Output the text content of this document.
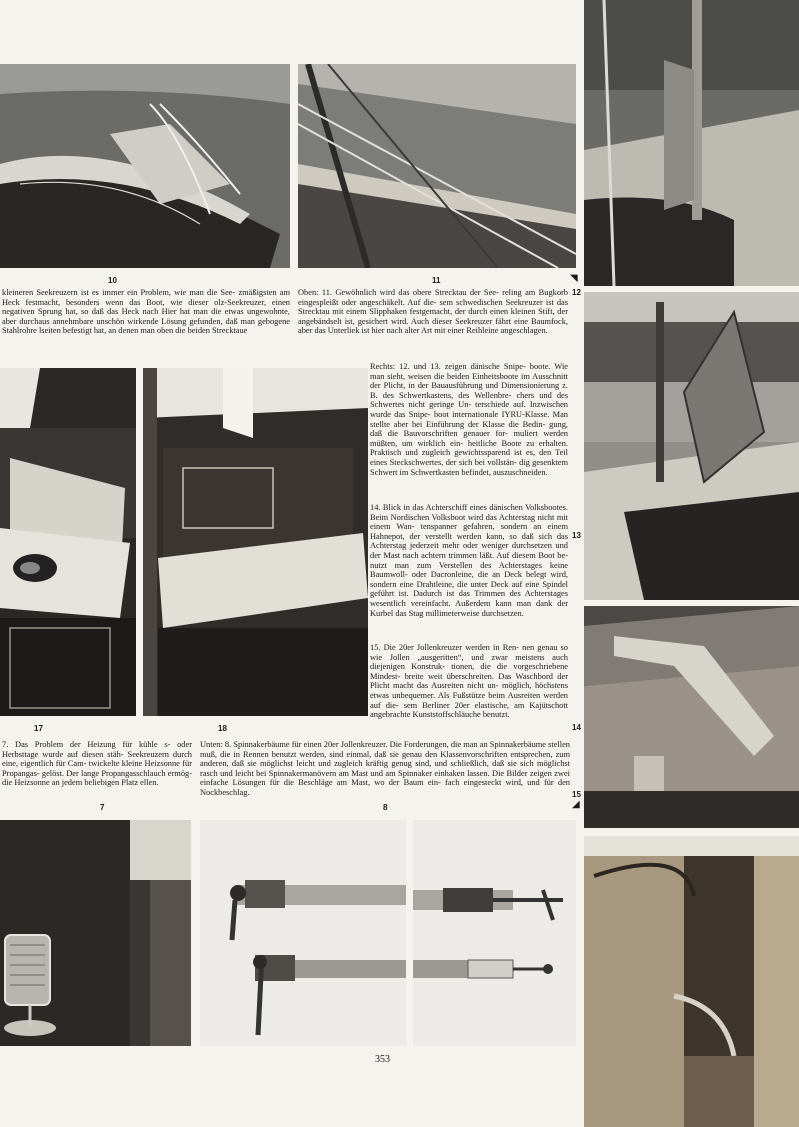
10	11	◥
12
13
14
15
◢
17	18
7	8
kleineren Seekreuzern ist es immer ein Problem, wie man die See- zmäßigsten am Heck festmacht, besonders wenn das Boot, wie dieser olz-Seekreuzer, einen negativen Sprung hat, so daß das Heck nach Hier hat man die etwas ungewohnte, aber durchaus annehmbare unschön wirkende Lösung gefunden, daß man gebogene Stahlrohre lseiten befestigt hat, an denen man oben die beiden Strecktaue
Oben: 11. Gewöhnlich wird das obere Strecktau der See- reling am Bugkorb eingespleißt oder angeschäkelt. Auf die- sem schwedischen Seekreuzer ist das Strecktau mit einem Slipphaken festgemacht, der durch einen kleinen Stift, der angebändselt ist, gesichert wird. Auch dieser Seekreuzer fährt eine Baumfock, aber das Unterliek ist hier nach alter Art mit einer Reihleine angeschlagen.
Rechts: 12. und 13. zeigen dänische Snipe- boote. Wie man sieht, weisen die beiden Einheitsboote im Ausschnitt der Plicht, in der Bauausführung und Dimensionierung z. B. des Schwertkastens, des Wellenbre- chers und des Schwertes nicht geringe Un- terschiede auf. Inzwischen wurde das Snipe- boot internationale IYRU-Klasse. Man stellte aber bei Einführung der Klasse die Bedin- gung, daß die Bauvorschriften genauer for- muliert werden müßten, um wirklich ein- heitliche Boote zu erhalten. Praktisch und zugleich gewichtssparend ist es, den Teil eines Steckschwertes, der sich bei vollstän- dig gesenktem Schwert im Schwertkasten befindet, auszuschneiden.
14. Blick in das Achterschiff eines dänischen Volksbootes. Beim Nordischen Volksboot wird das Achterstag nicht mit einem Wan- tenspanner gefahren, sondern an einem Hahnepot, der verstellt werden kann, so daß sich das Achterstag jederzeit mehr oder weniger durchsetzen und der Mast nach achtern trimmen läßt. Auf diesem Boot be- nutzt man zum Verstellen des Achterstages keine Baumwoll- oder Dacronleine, die an Deck belegt wird, sondern eine Drahtleine, die unter Deck auf eine Spindel geführt ist. Dadurch ist das Trimmen des Achterstages wesentlich vereinfacht. Außerdem kann man dank der Kurbel das Stag millimeterweise durchsetzen.
15. Die 20er Jollenkreuzer werden in Ren- nen genau so wie Jollen „ausgeritten“, und zwar meistens auch diejenigen Konstruk- tionen, die die vorgeschriebene Mindest- breite weit überschreiten. Das Waschbord der Plicht macht das Ausreiten nicht un- möglich, höchstens etwas unbequemer. Als Fußstütze beim Ausreiten werden auf die- sem Berliner 20er elastische, am Kajütschott angebrachte Kunststoffschläuche benutzt.
7. Das Problem der Heizung für kühle s- oder Herbsttage wurde auf diesen stäh- Seekreuzern durch eine, eigentlich für Cam- twickelte kleine Heizsonne für Propangas- gelöst. Der lange Propangasschlauch ermög- die Heizsonne an jedem beliebigen Platz ellen.
Unten: 8. Spinnakerbäume für einen 20er Jollenkreuzer. Die Forderungen, die man an Spinnakerbäume stellen muß, die in Rennen benutzt werden, sind einmal, daß sie genau den Klassenvorschriften entsprechen, zum anderen, daß sie möglichst leicht und zugleich kräftig genug sind, und schließlich, daß sie sich möglichst rasch und leicht bei Spinnakermanövern am Mast und am Spinnaker einhaken lassen. Die Bilder zeigen zwei einfache Lösungen für die Beschläge am Mast, wo der Baum ein- fach eingesteckt wird, und für den Nockbeschlag.
353
